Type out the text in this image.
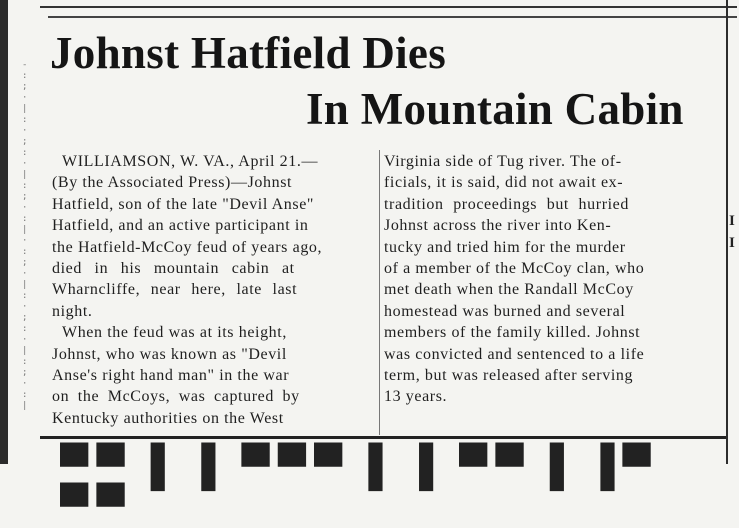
-
:
;
·
|
:
·
;
:
·
|
:
;
·
:
|
·
:
;
·
|
:
·
;
:
·
|
:
;
·
:
|
I
I
Johnst Hatfield Dies
In Mountain Cabin

WILLIAMSON, W. VA., April 21.—

(By the Associated Press)—Johnst

Hatfield, son of the late "Devil Anse"

Hatfield, and an active participant in

the Hatfield-McCoy feud of years ago,

died in his mountain cabin at

Wharncliffe, near here, late last

night.

When the feud was at its height,

Johnst, who was known as "Devil

Anse's right hand man" in the war

on the McCoys, was captured by

Kentucky authorities on the West

Virginia side of Tug river. The of-

ficials, it is said, did not await ex-

tradition proceedings but hurried

Johnst across the river into Ken-

tucky and tried him for the murder

of a member of the McCoy clan, who

met death when the Randall McCoy

homestead was burned and several

members of the family killed. Johnst

was convicted and sentenced to a life

term, but was released after serving

13 years.

▀▀ ▌▐ ▀▀▀ ▌▐ ▀▀ ▌▐▀ ▀▀
